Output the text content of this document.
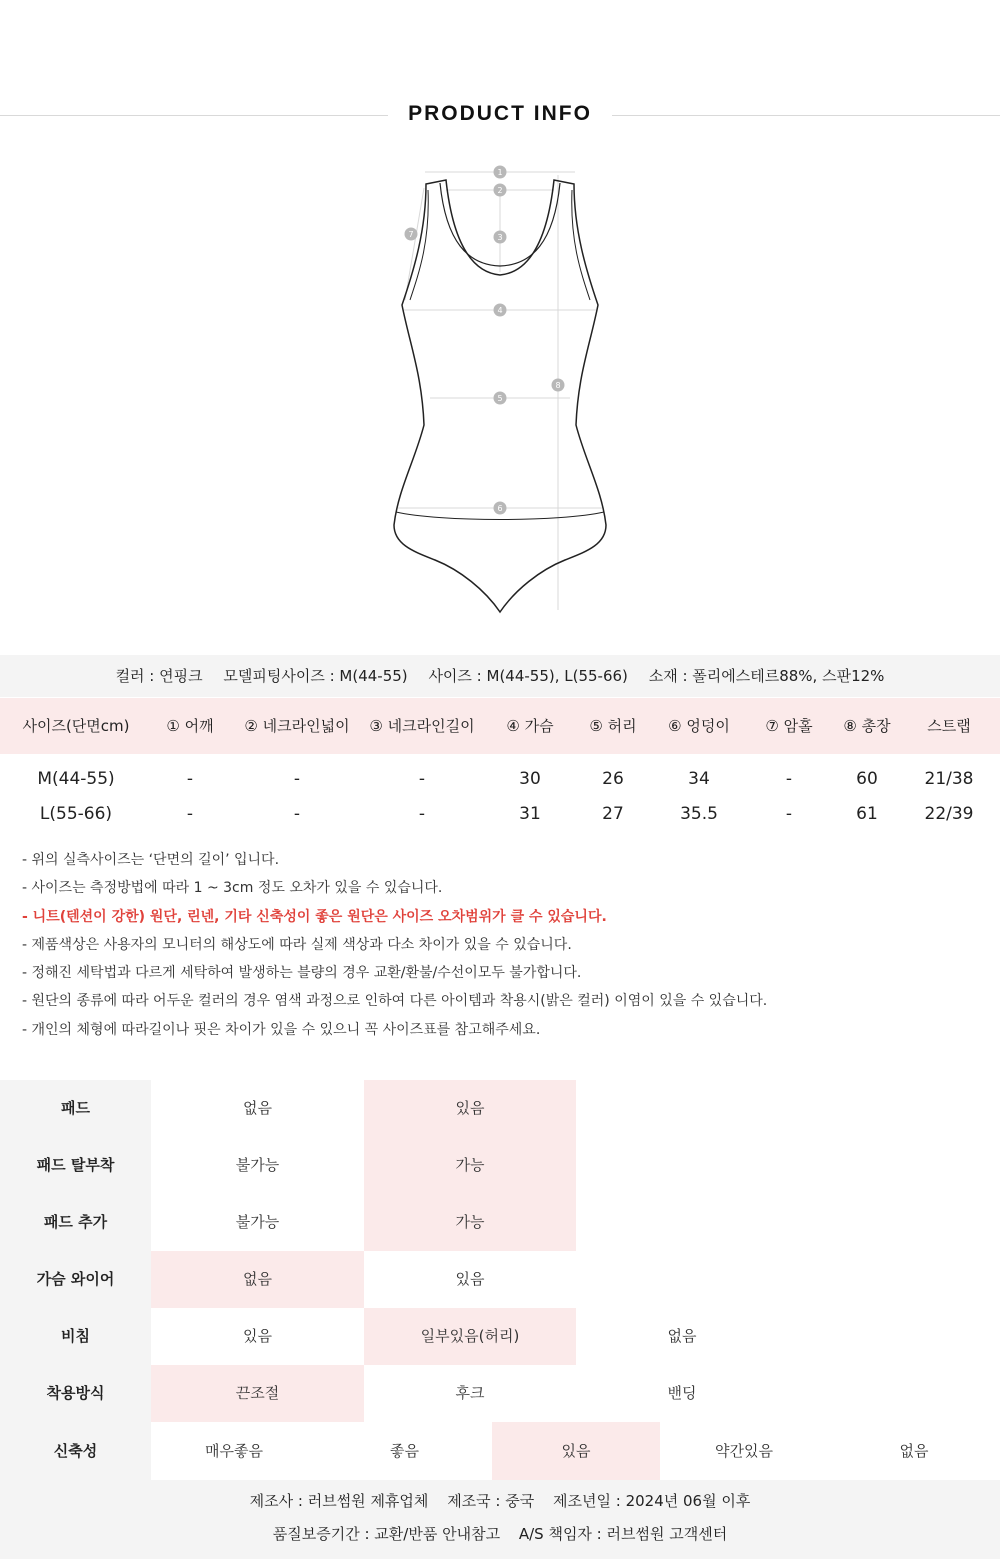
PRODUCT INFO
1
2
3
4
5
6
7
8
컬러 : 연핑크 모델피팅사이즈 : M(44-55) 사이즈 : M(44-55), L(55-66) 소재 : 폴리에스테르88%, 스판12%
사이즈(단면cm)	① 어깨	② 네크라인넓이	③ 네크라인길이	④ 가슴	⑤ 허리	⑥ 엉덩이	⑦ 암홀	⑧ 총장	스트랩
M(44-55)	-	-	-	30	26	34	-	60	21/38
L(55-66)	-	-	-	31	27	35.5	-	61	22/39
- 위의 실측사이즈는 ‘단면의 길이’ 입니다.
- 사이즈는 측정방법에 따라 1 ~ 3cm 정도 오차가 있을 수 있습니다.
- 니트(텐션이 강한) 원단, 린넨, 기타 신축성이 좋은 원단은 사이즈 오차범위가 클 수 있습니다.
- 제품색상은 사용자의 모니터의 해상도에 따라 실제 색상과 다소 차이가 있을 수 있습니다.
- 정해진 세탁법과 다르게 세탁하여 발생하는 블량의 경우 교환/환불/수선이모두 불가합니다.
- 원단의 종류에 따라 어두운 컬러의 경우 염색 과정으로 인하여 다른 아이템과 착용시(밝은 컬러) 이염이 있을 수 있습니다.
- 개인의 체형에 따라길이나 핏은 차이가 있을 수 있으니 꼭 사이즈표를 참고해주세요.
패드	없음	있음
패드 탈부착	불가능	가능
패드 추가	불가능	가능
가슴 와이어	없음	있음
비침	있음	일부있음(허리)	없음
착용방식	끈조절	후크	밴딩
신축성	매우좋음	좋음	있음	약간있음	없음
제조사 : 러브썸원 제휴업체 제조국 : 중국 제조년일 : 2024년 06월 이후
품질보증기간 : 교환/반품 안내참고 A/S 책임자 : 러브썸원 고객센터
